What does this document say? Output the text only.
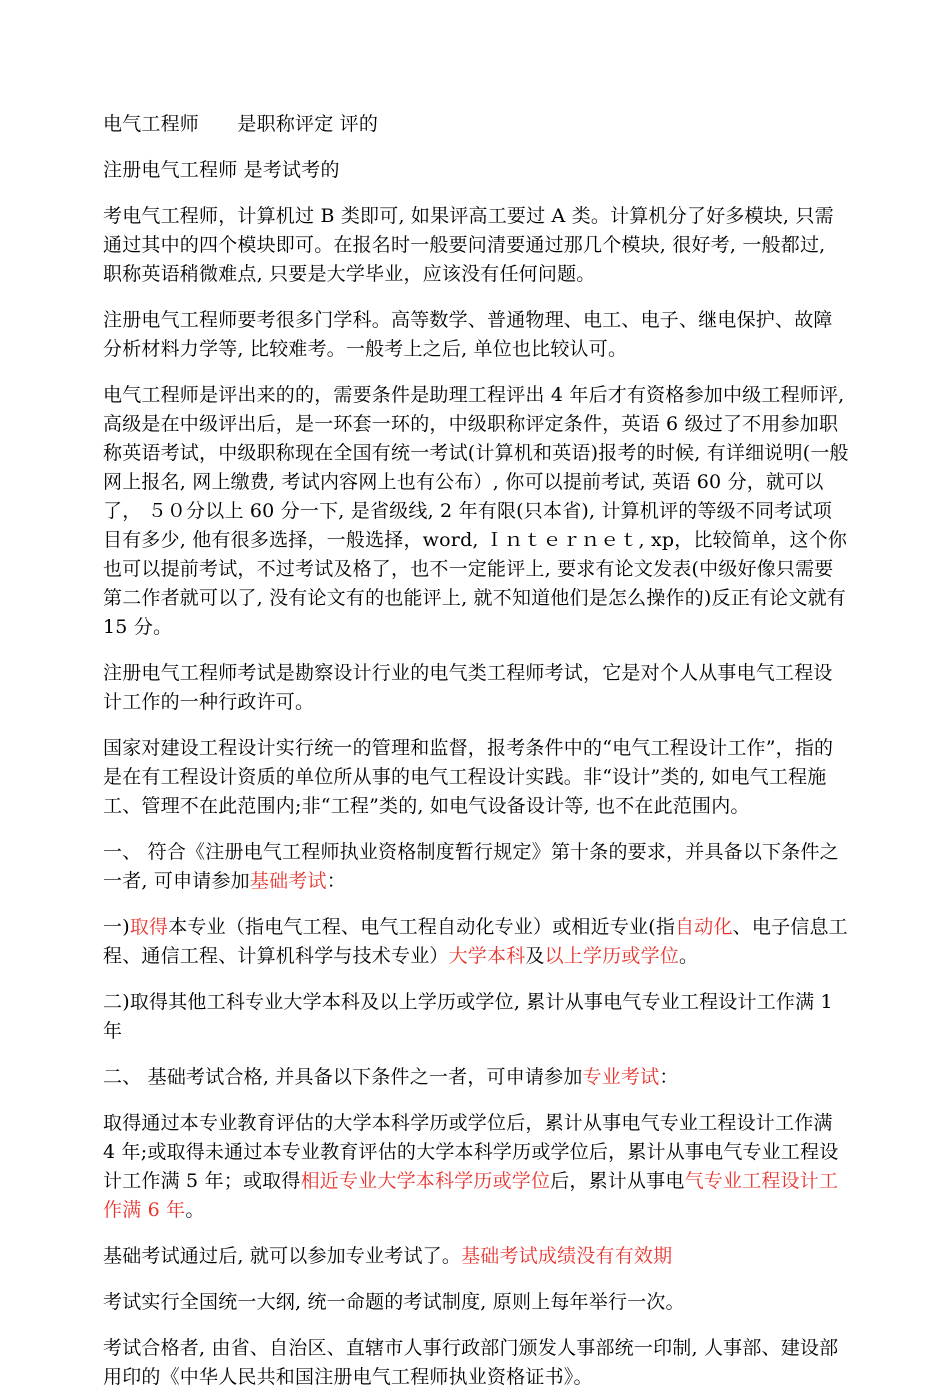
电气工程师　　 是职称评定 评的

注册电气工程师 是考试考的

考电气工程师，计算机过 B 类即可, 如果评高工要过 A 类。计算机分了好多模块, 只需通过其中的四个模块即可。在报名时一般要问清要通过那几个模块, 很好考, 一般都过, 职称英语稍微难点, 只要是大学毕业，应该没有任何问题。

注册电气工程师要考很多门学科。高等数学、普通物理、电工、电子、继电保护、故障分析材料力学等, 比较难考。一般考上之后, 单位也比较认可。

电气工程师是评出来的的，需要条件是助理工程评出 4 年后才有资格参加中级工程师评, 高级是在中级评出后，是一环套一环的，中级职称评定条件，英语 6 级过了不用参加职称英语考试，中级职称现在全国有统一考试(计算机和英语)报考的时候, 有详细说明(一般网上报名, 网上缴费, 考试内容网上也有公布）, 你可以提前考试, 英语 60 分，就可以了， ５０分以上 60 分一下, 是省级线, 2 年有限(只本省), 计算机评的等级不同考试项目有多少, 他有很多选择，一般选择，word, Ｉｎｔｅｒｎｅｔ, xp，比较简单，这个你也可以提前考试，不过考试及格了，也不一定能评上, 要求有论文发表(中级好像只需要第二作者就可以了, 没有论文有的也能评上, 就不知道他们是怎么操作的)反正有论文就有 15 分。

注册电气工程师考试是勘察设计行业的电气类工程师考试，它是对个人从事电气工程设计工作的一种行政许可。

国家对建设工程设计实行统一的管理和监督，报考条件中的“电气工程设计工作”，指的是在有工程设计资质的单位所从事的电气工程设计实践。非“设计”类的, 如电气工程施工、管理不在此范围内;非“工程”类的, 如电气设备设计等, 也不在此范围内。

一、 符合《注册电气工程师执业资格制度暂行规定》第十条的要求，并具备以下条件之一者, 可申请参加基础考试：

一)取得本专业（指电气工程、电气工程自动化专业）或相近专业(指自动化、电子信息工程、通信工程、计算机科学与技术专业）大学本科及以上学历或学位。

二)取得其他工科专业大学本科及以上学历或学位, 累计从事电气专业工程设计工作满 1 年

二、 基础考试合格, 并具备以下条件之一者，可申请参加专业考试：

取得通过本专业教育评估的大学本科学历或学位后，累计从事电气专业工程设计工作满 4 年;或取得未通过本专业教育评估的大学本科学历或学位后，累计从事电气专业工程设计工作满 5 年；或取得相近专业大学本科学历或学位后，累计从事电气专业工程设计工作满 6 年。

基础考试通过后, 就可以参加专业考试了。基础考试成绩没有有效期

考试实行全国统一大纲, 统一命题的考试制度, 原则上每年举行一次。

考试合格者, 由省、自治区、直辖市人事行政部门颁发人事部统一印制, 人事部、建设部用印的《中华人民共和国注册电气工程师执业资格证书》。
